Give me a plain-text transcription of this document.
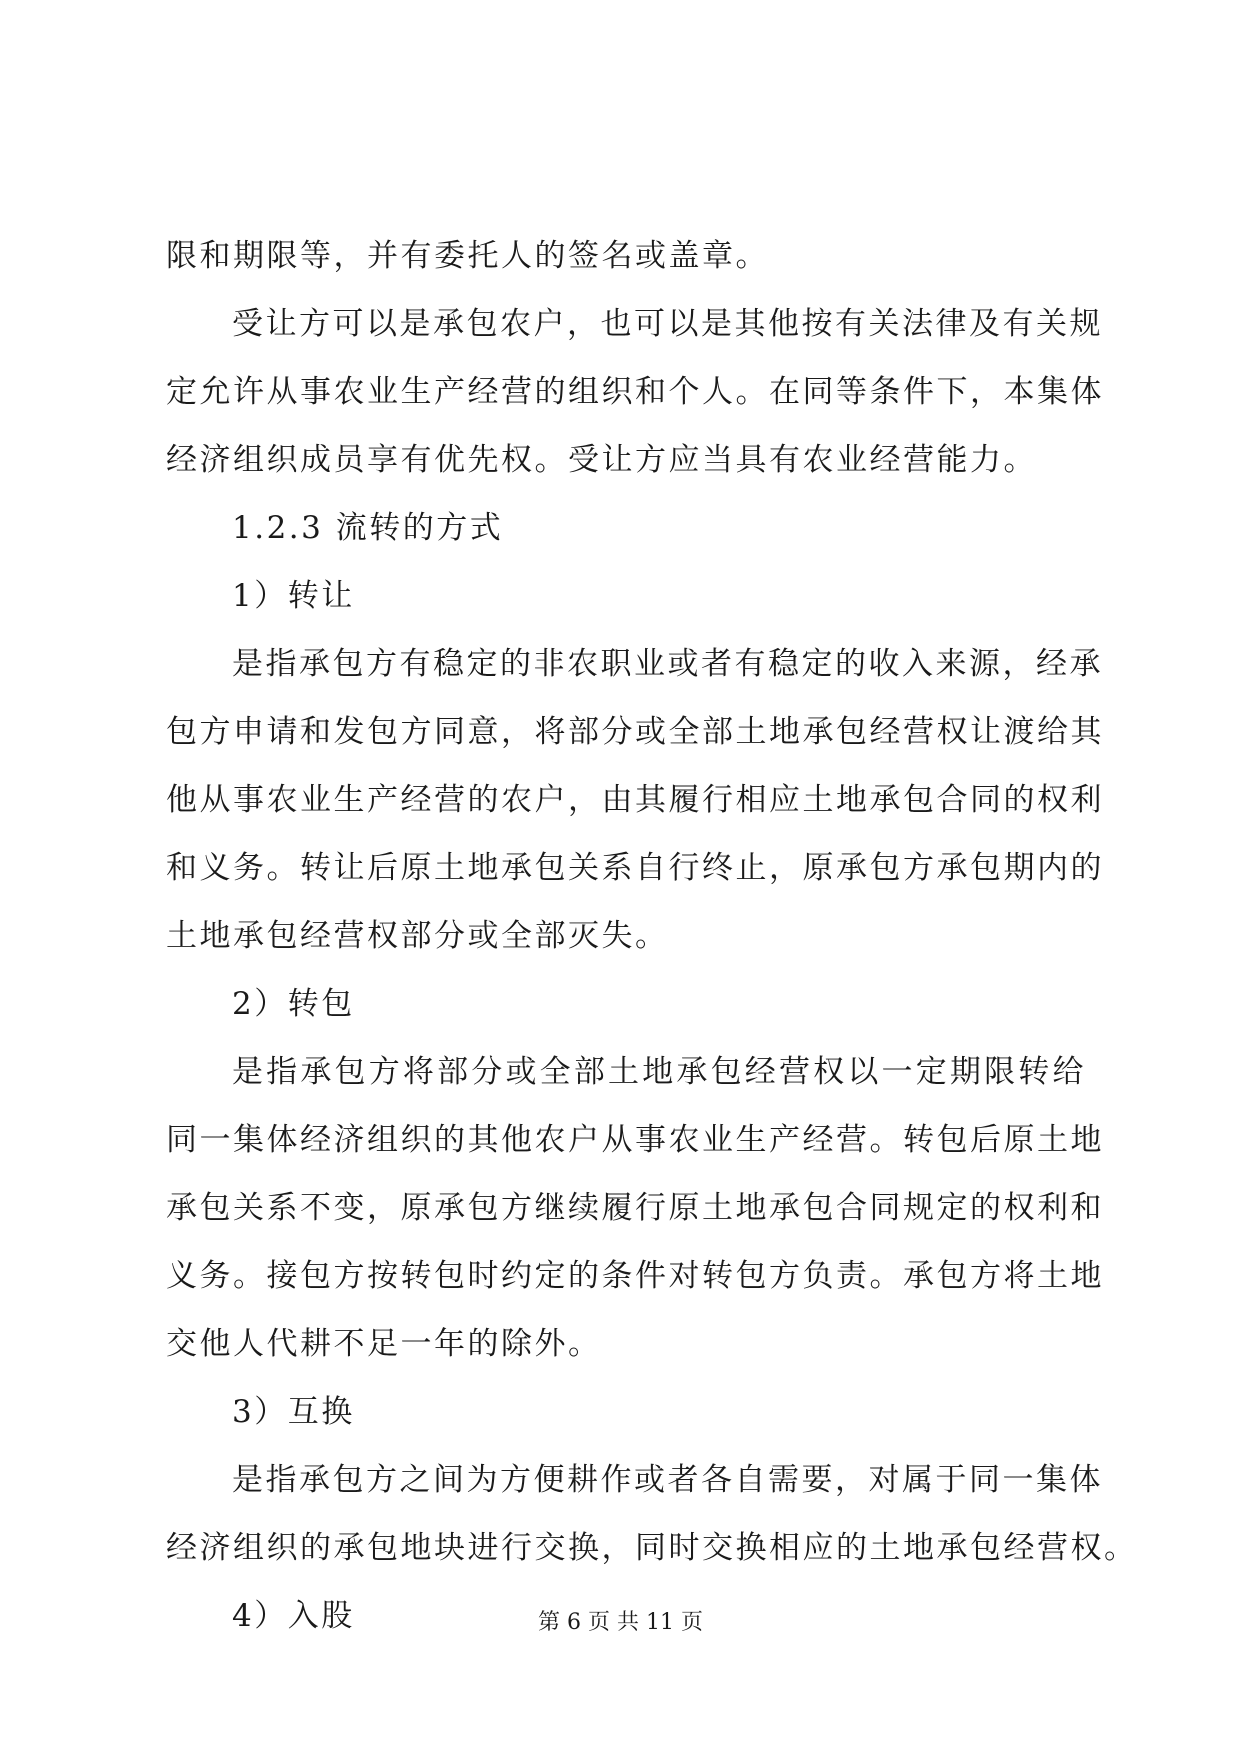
限和期限等，并有委托人的签名或盖章。
受让方可以是承包农户，也可以是其他按有关法律及有关规
定允许从事农业生产经营的组织和个人。在同等条件下，本集体
经济组织成员享有优先权。受让方应当具有农业经营能力。
1.2.3 流转的方式
1）转让
是指承包方有稳定的非农职业或者有稳定的收入来源，经承
包方申请和发包方同意，将部分或全部土地承包经营权让渡给其
他从事农业生产经营的农户，由其履行相应土地承包合同的权利
和义务。转让后原土地承包关系自行终止，原承包方承包期内的
土地承包经营权部分或全部灭失。
2）转包
是指承包方将部分或全部土地承包经营权以一定期限转给
同一集体经济组织的其他农户从事农业生产经营。转包后原土地
承包关系不变，原承包方继续履行原土地承包合同规定的权利和
义务。接包方按转包时约定的条件对转包方负责。承包方将土地
交他人代耕不足一年的除外。
3）互换
是指承包方之间为方便耕作或者各自需要，对属于同一集体
经济组织的承包地块进行交换，同时交换相应的土地承包经营权。
4）入股	第 6 页 共 11 页
